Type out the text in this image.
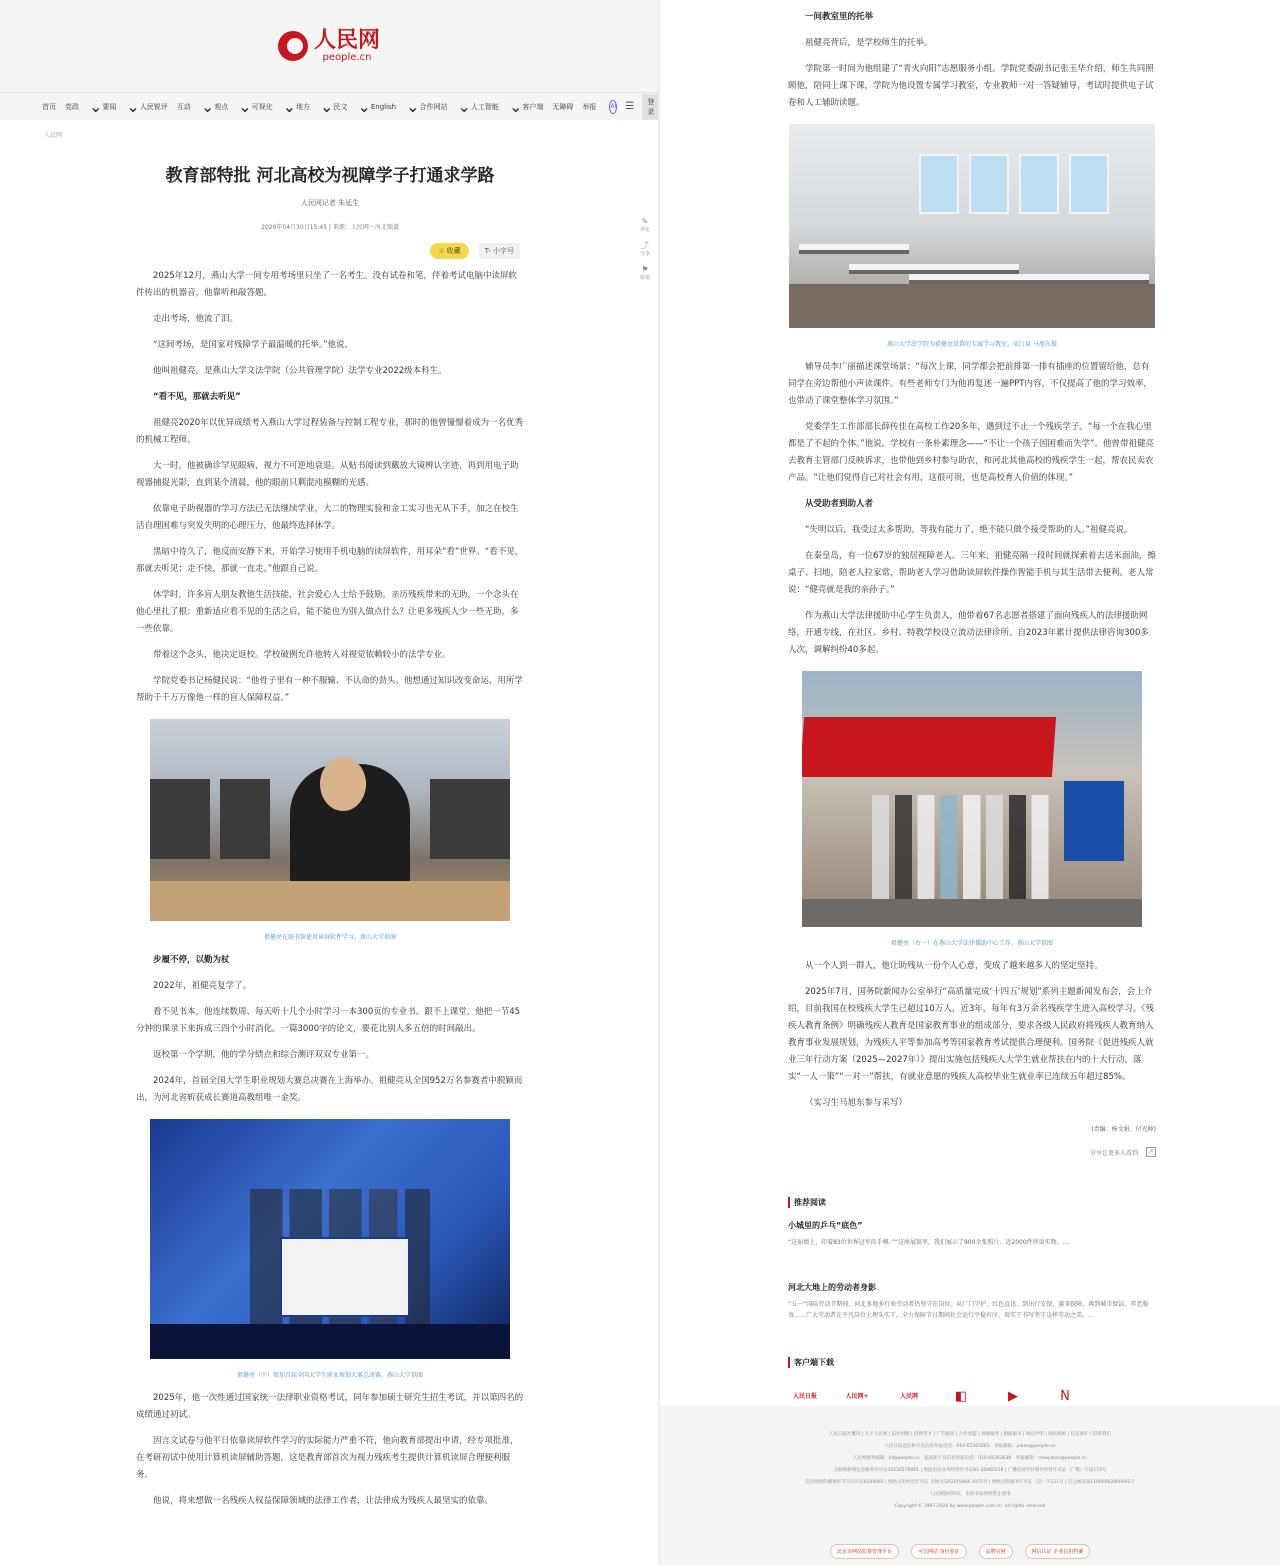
人民网
people.cn
首页 党政 ⌄ 要闻 ⌄ 人民锐评 互动 ⌄ 观点 ⌄ 可视化 ⌄ 地方 ⌄ 民文 ⌄ English ⌄ 合作网站 ⌄ 人工智能 ⌄ 客户端 无障碍 举报 AI ☰	登录
人民网
✎
评论
⤴
分享
⚑
报错
教育部特批 河北高校为视障学子打通求学路
人民网记者 朱延生
2026年04月30日15:45 | 来源：人民网－河北频道
☆ 收藏	T- 小字号

2025年12月，燕山大学一间专用考场里只坐了一名考生。没有试卷和笔，伴着考试电脑中读屏软件传出的机器音，他靠听和敲答题。

走出考场，他流了泪。

“这间考场，是国家对残障学子最温暖的托举。”他说。

他叫祖健亮，是燕山大学文法学院（公共管理学院）法学专业2022级本科生。

“看不见，那就去听见”

祖健亮2020年以优异成绩考入燕山大学过程装备与控制工程专业，那时的他曾憧憬着成为一名优秀的机械工程师。

大一时，他被确诊罕见眼病，视力不可逆地衰退。从贴书阅读到戴放大镜辨认字迹，再到用电子助视器捕捉光影，直到某个清晨，他的眼前只剩混沌模糊的光感。

依靠电子助视器的学习方法已无法继续学业，大二的物理实验和金工实习也无从下手，加之在校生活自理困难与突发失明的心理压力，他最终选择休学。

黑暗中待久了，他反而安静下来，开始学习使用手机电脑的读屏软件，用耳朵“看”世界。“看不见，那就去听见；走不快，那就一直走。”他跟自己说。

休学时，许多盲人朋友教他生活技能，社会爱心人士给予鼓励。亲历残疾带来的无助，一个念头在他心里扎了根：重新适应看不见的生活之后，能不能也为别人做点什么？让更多残疾人少一些无助，多一些依靠。

带着这个念头，他决定返校。学校破例允许他转入对视觉依赖较小的法学专业。

学院党委书记杨健民说：“他骨子里有一种不服输、不认命的劲头。他想通过知识改变命运，用所学帮助千千万万像他一样的盲人保障权益。”

祖健亮在图书馆使用读屏软件学习。燕山大学供图

步履不停，以勤为杖

2022年，祖健亮复学了。

看不见书本，他连续数周、每天听十几个小时学习一本300页的专业书。跟不上课堂，他把一节45分钟的课录下来拆成三四个小时消化。一篇3000字的论文，要花比别人多五倍的时间敲出。

返校第一个学期，他的学分绩点和综合测评双双专业第一。

2024年，首届全国大学生职业规划大赛总决赛在上海举办。祖健亮从全国952万名参赛者中脱颖而出，为河北省斩获成长赛道高教组唯一金奖。

祖健亮（中）参加首届全国大学生职业规划大赛总决赛。燕山大学供图

2025年，他一次性通过国家统一法律职业资格考试，同年参加硕士研究生招生考试，并以第四名的成绩通过初试。

因言文试卷与他平日依靠读屏软件学习的实际能力严重不符，他向教育部提出申请，经专项批准，在考研初试中使用计算机读屏辅助答题，这是教育部首次为视力残疾考生提供计算机读屏合理便利服务。

他说，将来想做一名残疾人权益保障领域的法律工作者，让法律成为残疾人最坚实的依靠。

一间教室里的托举

祖健亮背后，是学校师生的托举。

学院第一时间为他组建了“青火向阳”志愿服务小组。学院党委副书记张玉华介绍，师生共同照顾他，陪同上课下课，学院为他设置专属学习教室，专业教师一对一答疑辅导，考试时提供电子试卷和人工辅助读题。

燕山大学法学院为祖健亮设置的专属学习教室。宋汀泉 马旭东摄

辅导员李广丽描述课堂场景：“每次上课，同学都会把前排第一排有插座的位置留给他，总有同学在旁边帮他小声读课件。有些老师专门为他再复述一遍PPT内容，不仅提高了他的学习效率，也带动了课堂整体学习氛围。”

党委学生工作部部长薛传佳在高校工作20多年，遇到过不止一个残疾学子。“每一个在我心里都是了不起的个体。”他说。学校有一条朴素理念——“不让一个孩子因困难而失学”。他曾带祖健亮去教育主管部门反映诉求，也带他到乡村参与助农，和河北其他高校的残疾学生一起，帮农民卖农产品。“让他们觉得自己对社会有用，这很可贵，也是高校育人价值的体现。”

从受助者到助人者

“失明以后，我受过太多帮助。等我有能力了，绝不能只做个接受帮助的人。”祖健亮说。

在秦皇岛，有一位67岁的独居视障老人。三年来，祖健亮隔一段时间就探索着去送米面油，擦桌子、扫地，陪老人拉家常，帮助老人学习借助读屏软件操作智能手机与其生活带去便利。老人常说：“健亮就是我的亲孙子。”

作为燕山大学法律援助中心学生负责人，他带着67名志愿者搭建了面向残疾人的法律援助网络，开通专线，在社区、乡村、特教学校设立流动法律诊所。自2023年累计提供法律咨询300多人次，调解纠纷40多起。

祖健亮（右一）在燕山大学法律援助中心工作。燕山大学供图

从一个人到一群人，他让助残从一份个人心意，变成了越来越多人的坚定坚持。

2025年7月，国务院新闻办公室举行“高质量完成‘十四五’规划”系列主题新闻发布会，会上介绍，目前我国在校残疾大学生已超过10万人，近3年，每年有3万余名残疾学生进入高校学习。《残疾人教育条例》明确残疾人教育是国家教育事业的组成部分，要求各级人民政府将残疾人教育纳入教育事业发展规划，为残疾人平等参加高考等国家教育考试提供合理便利。国务院《促进残疾人就业三年行动方案（2025—2027年）》提出实施包括残疾人大学生就业帮扶在内的十大行动，落实“一人一策”“一对一”帮扶，有就业意愿的残疾人高校毕业生就业率已连续五年超过85%。

（实习生马旭东参与采写）

(责编：杨文娟、付光峰)

分享让更多人看到	↗
推荐阅读
小城里的乒乓“底色”
“这面墙上，印着83位世界冠军的手模。”“这座展馆里，我们展示了900余张照片、近2000件珍贵实物。…
河北大地上的劳动者身影
“五一”国际劳动节期间，河北多地多行业劳动者仍坚守在岗位。从厂门守护、红色直讯、到出行安保、赛事保障、再到城市保洁、养老服务……广大劳动者在平凡岗位上埋头实干，全力保障节日期间社会运行平稳有序，用实干书写坚守这样劳动之美。…
客户端下载
人民日报	人民网+	人民网	◧	▶	N
人民日报社概况 | 关于人民网 | 报社招聘 | 招聘英才 | 广告服务 | 合作加盟 | 供稿服务 | 数据服务 | 网站声明 | 网站律师 | 信息保护 | 联系我们
人民日报违法和不良信息举报电话：010-65363263　举报邮箱：jubao@people.cn
人民网服务邮箱：kf@people.cn　违法和不良信息举报电话：010-65363636　举报邮箱：rmwjubao@people.cn
互联网新闻信息服务许可证10120170001 | 增值电信业务经营许可证B1-20060118 | 广播电视节目制作经营许可证（广媒）字第172号
信息网络传播视听节目许可证0104065 | 网络文化经营许可证 京网文[2020]5494-1075号 | 网络出版服务许可证（京）字121号 | 京公网安备11000002000001号
人民网版权所有，未经书面授权禁止使用
Copyright © 1997-2026 by www.people.com.cn. all rights reserved
北京市网站监督管理平台	可信网站 身份验证	品牌官网	网信认证 企业信用档案
